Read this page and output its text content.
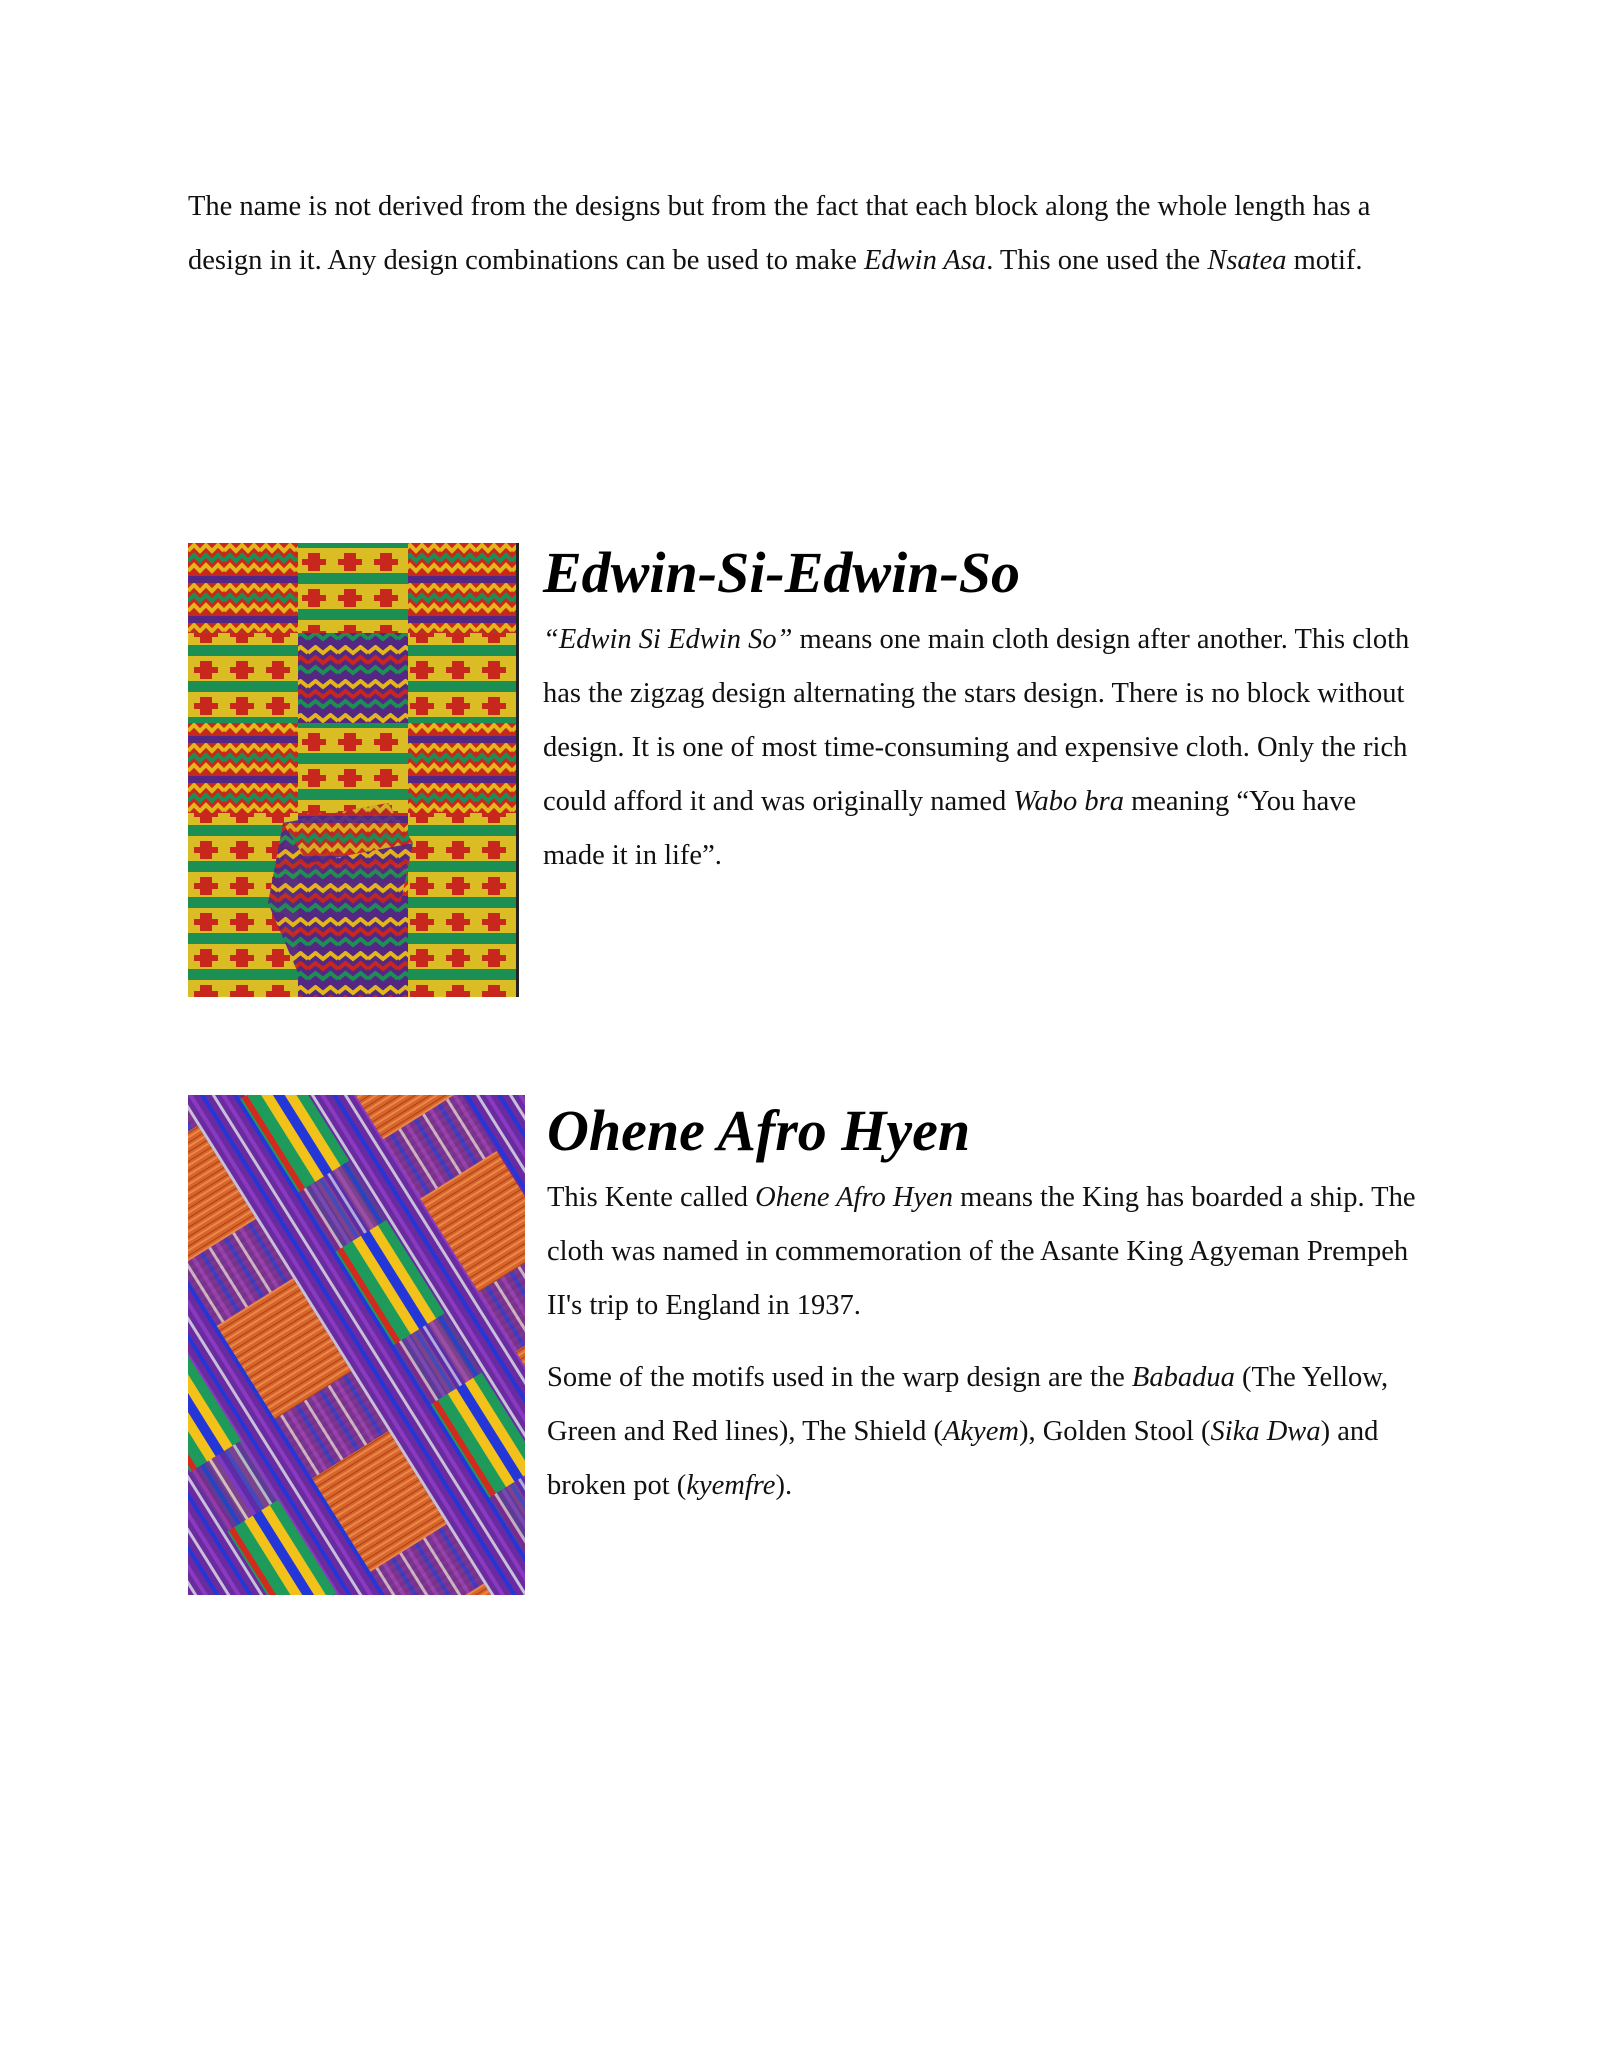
The name is not derived from the designs but from the fact that each block along the whole length has a design in it. Any design combinations can be used to make Edwin Asa. This one used the Nsatea motif.

Edwin-Si-Edwin-So

“Edwin Si Edwin So” means one main cloth design after another. This cloth has the zigzag design alternating the stars design. There is no block without design. It is one of most time-consuming and expensive cloth. Only the rich could afford it and was originally named Wabo bra meaning “You have made it in life”.

Ohene Afro Hyen

This Kente called Ohene Afro Hyen means the King has boarded a ship. The cloth was named in commemoration of the Asante King Agyeman Prempeh II's trip to England in 1937.

Some of the motifs used in the warp design are the Babadua (The Yellow, Green and Red lines), The Shield (Akyem), Golden Stool (Sika Dwa) and broken pot (kyemfre).
